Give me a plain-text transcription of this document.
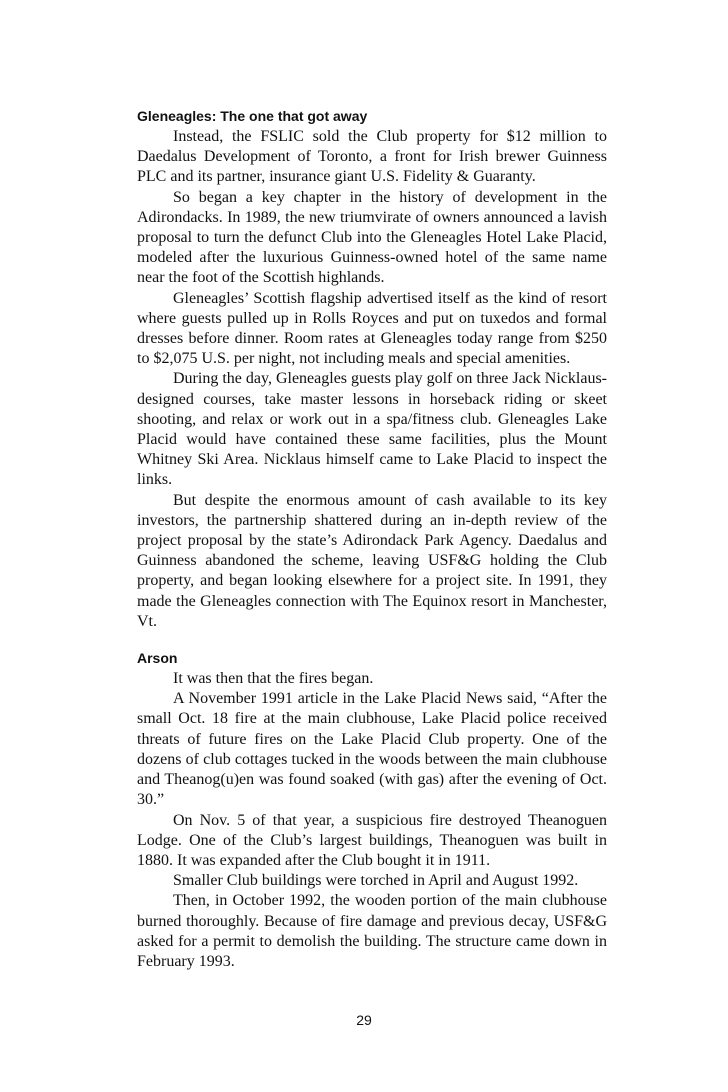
Gleneagles: The one that got away

Instead, the FSLIC sold the Club property for $12 million to Daedalus Development of Toronto, a front for Irish brewer Guinness PLC and its partner, insurance giant U.S. Fidelity & Guaranty.

So began a key chapter in the history of development in the Adirondacks. In 1989, the new triumvirate of owners announced a lavish proposal to turn the defunct Club into the Gleneagles Hotel Lake Placid, modeled after the luxurious Guinness-owned hotel of the same name near the foot of the Scottish highlands.

Gleneagles’ Scottish flagship advertised itself as the kind of resort where guests pulled up in Rolls Royces and put on tuxedos and formal dresses before dinner. Room rates at Gleneagles today range from $250 to $2,075 U.S. per night, not including meals and special amenities.

During the day, Gleneagles guests play golf on three Jack Nicklaus-designed courses, take master lessons in horseback riding or skeet shooting, and relax or work out in a spa/fitness club. Gleneagles Lake Placid would have contained these same facilities, plus the Mount Whitney Ski Area. Nicklaus himself came to Lake Placid to inspect the links.

But despite the enormous amount of cash available to its key investors, the partnership shattered during an in-depth review of the project proposal by the state’s Adirondack Park Agency. Daedalus and Guinness abandoned the scheme, leaving USF&G holding the Club property, and began looking elsewhere for a project site. In 1991, they made the Gleneagles connection with The Equinox resort in Manchester, Vt.

Arson

It was then that the fires began.

A November 1991 article in the Lake Placid News said, “After the small Oct. 18 fire at the main clubhouse, Lake Placid police received threats of future fires on the Lake Placid Club property. One of the dozens of club cottages tucked in the woods between the main clubhouse and Theanog(u)en was found soaked (with gas) after the evening of Oct. 30.”

On Nov. 5 of that year, a suspicious fire destroyed Theanoguen Lodge. One of the Club’s largest buildings, Theanoguen was built in 1880. It was expanded after the Club bought it in 1911.

Smaller Club buildings were torched in April and August 1992.

Then, in October 1992, the wooden portion of the main clubhouse burned thoroughly. Because of fire damage and previous decay, USF&G asked for a permit to demolish the building. The structure came down in February 1993.

29
